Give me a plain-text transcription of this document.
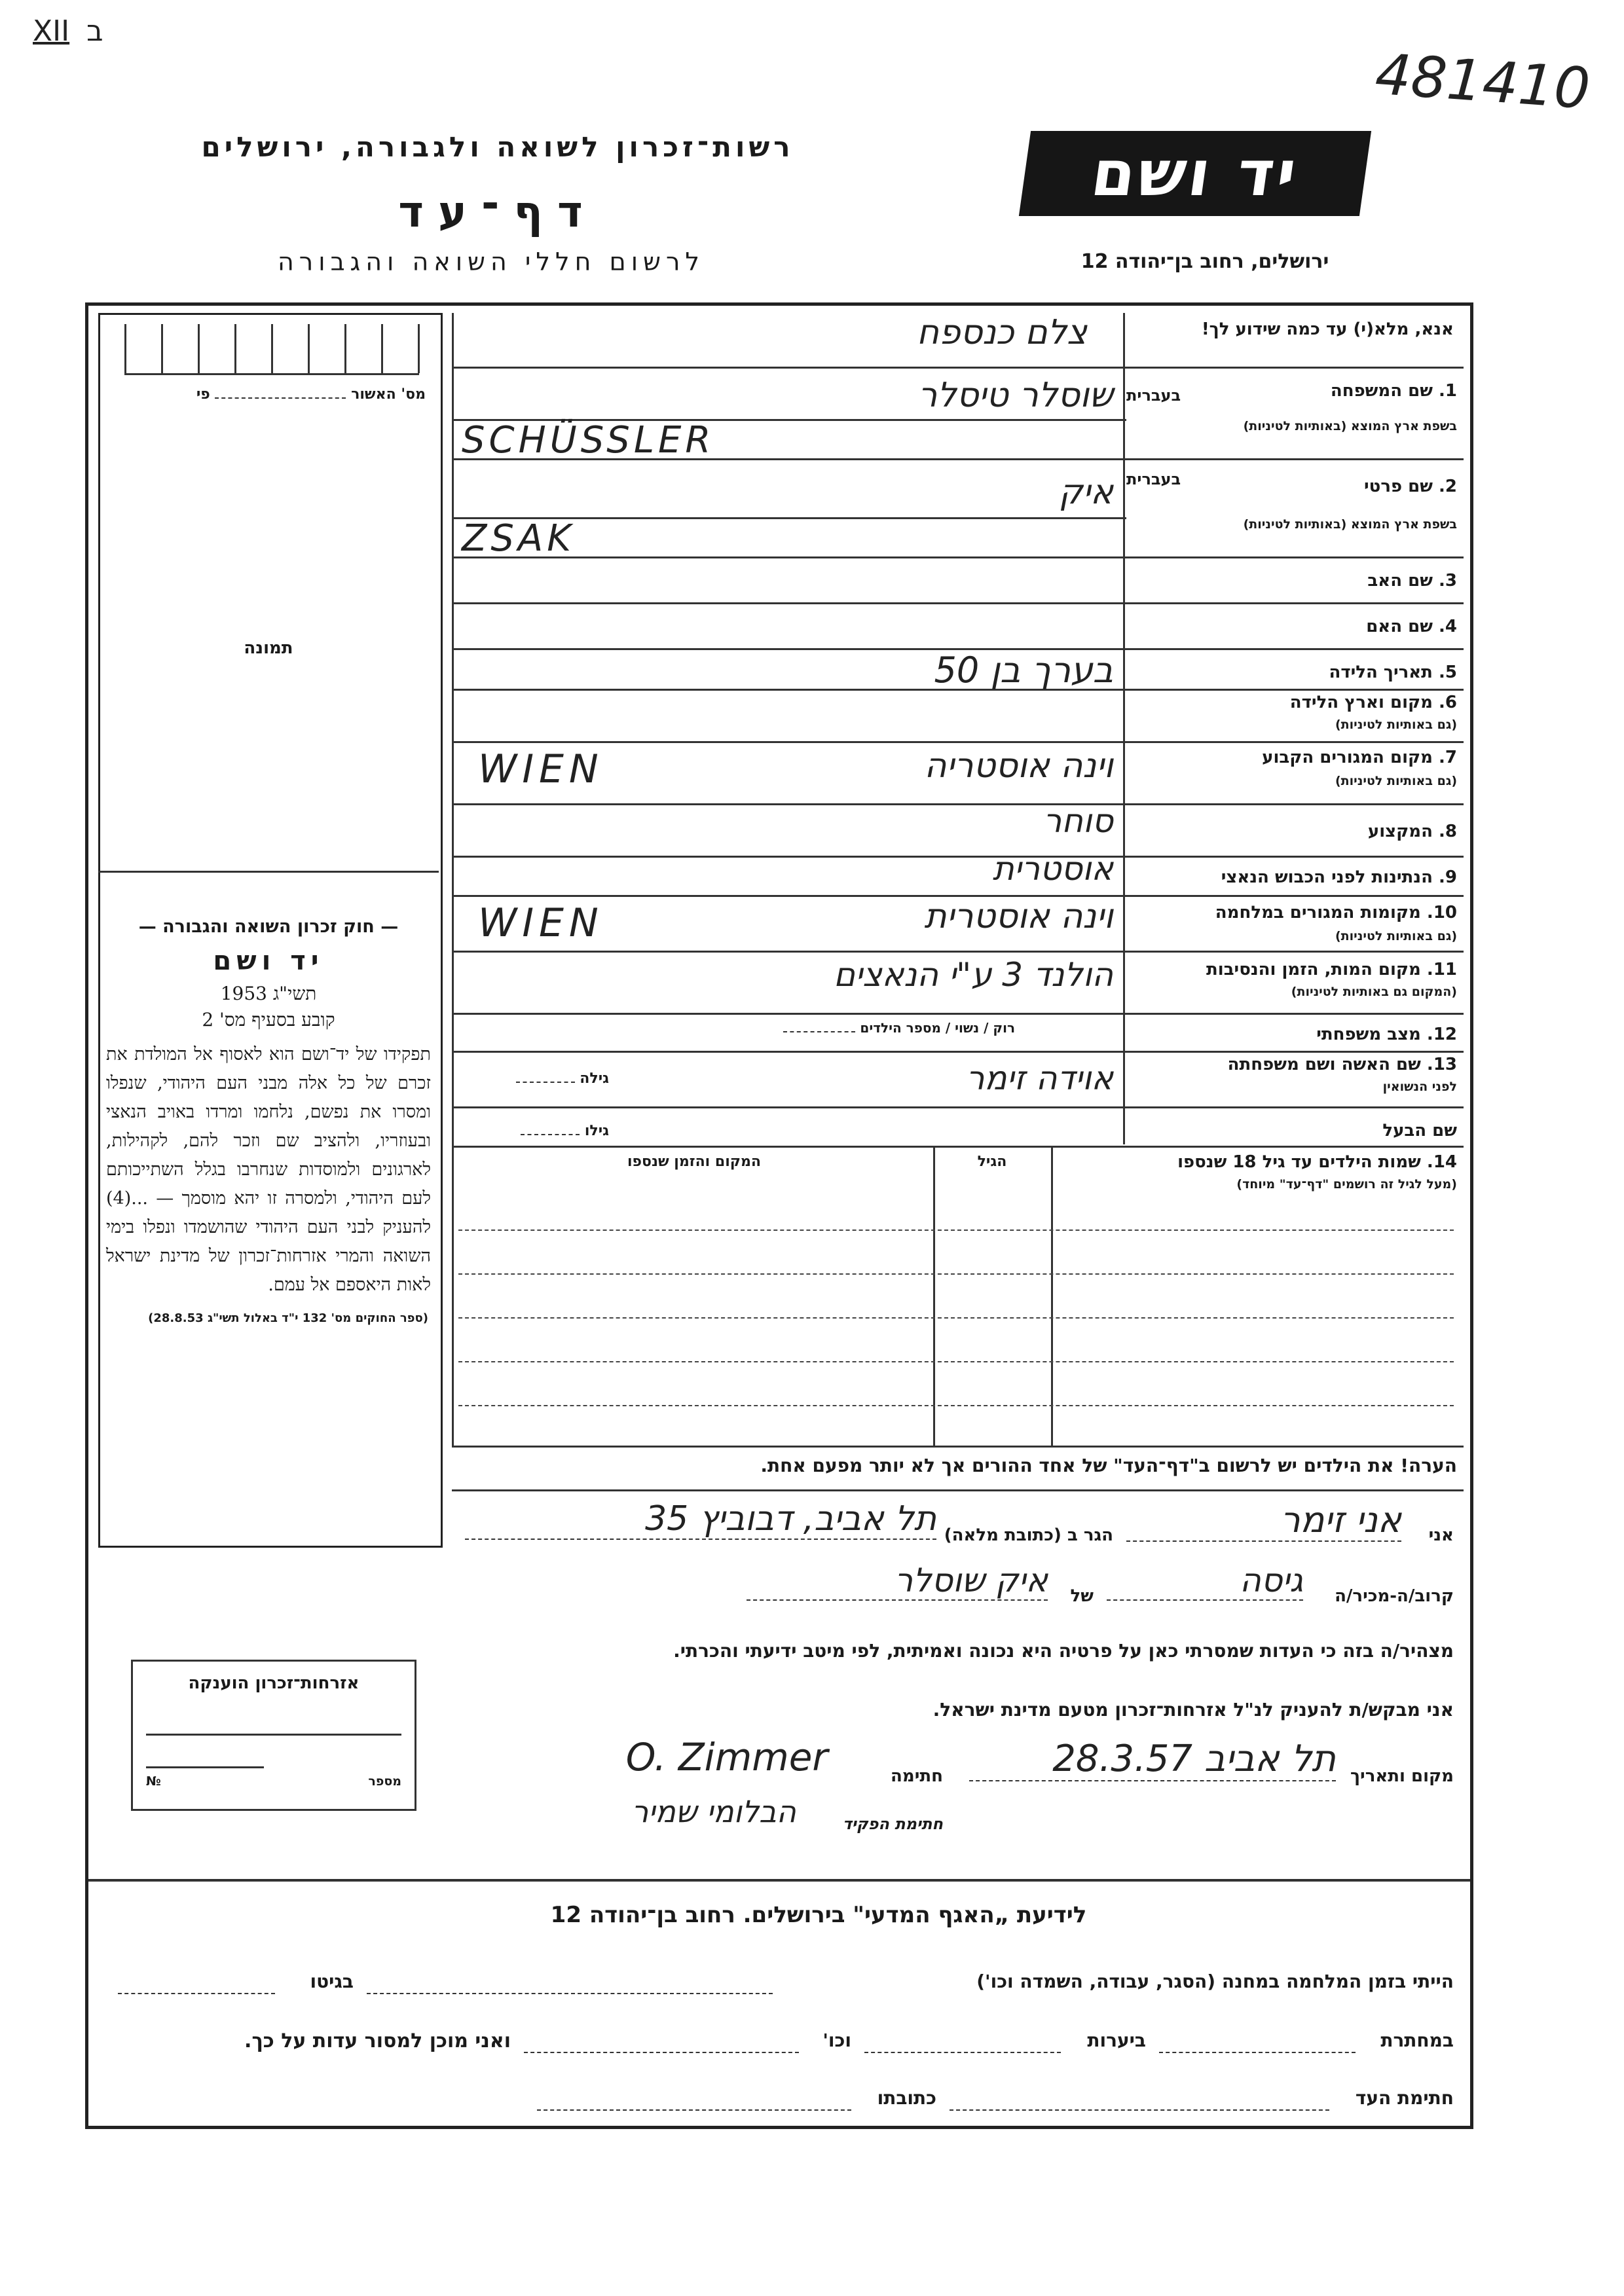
XII ב
481410
רשות־זכרון לשואה ולגבורה, ירושלים
דף־עד
לרשום חללי השואה והגבורה
יד ושם
ירושלים, רחוב בן־יהודה 12
מס' האשור  פי
תמונה
— חוק זכרון השואה והגבורה —
יד ושם
תשי"ג 1953
קובע בסעיף מס' 2
תפקידו של יד־ושם הוא לאסוף אל המולדת את זכרם של כל אלה מבני העם היהודי, שנפלו ומסרו את נפשם, נלחמו ומרדו באויב הנאצי ובעוזריו, ולהציב שם וזכר להם, לקהילות, לארגונים ולמוסדות שנחרבו בגלל השתייכותם לעם היהודי, ולמסרה זו יהא מוסמך — ...(4) להעניק לבני העם היהודי שהושמדו ונפלו בימי השואה והמרי אזרחות־זכרון של מדינת ישראל לאות היאספם אל עמם.
(ספר החוקים מס' 132 י"ד באלול תשי"ג 28.8.53)
אזרחות־זכרון הוענקה
מספר
№
אנא, מלא(י) עד כמה שידוע לך!
צלם כנספח
1. שם המשפחה
בעברית
בשפת ארץ המוצא (באותיות לטיניות)
2. שם פרטי
בעברית
בשפת ארץ המוצא (באותיות לטיניות)
3. שם האב
4. שם האם
5. תאריך הלידה
6. מקום וארץ הלידה
(גם באותיות לטיניות)
7. מקום המגורים הקבוע
(גם באותיות לטיניות)
8. המקצוע
9. הנתינות לפני הכבוש הנאצי
10. מקומות המגורים במלחמה
(גם באותיות לטיניות)
11. מקום המות, הזמן והנסיבות
(המקום גם באותיות לטיניות)
12. מצב משפחתי
13. שם האשה ושם משפחתה
לפני הנשואין
שם הבעל
שוסלר טיסלר
SCHÜSSLER
איק
ZSAK
בערך בן 50
וינה אוסטריה
WIEN
סוחר
אוסטרית
וינה אוסטרית
WIEN
הולנד 3 ע"י הנאצים
רוק / נשוי / מספר הילדים
אוידה זימר
גילה
גילו
14. שמות הילדים עד גיל 18 שנספו
(מעל לגיל זה רושמים "דף־עד" מיוחד)
הגיל
המקום והזמן שנספו
הערה! את הילדים יש לרשום ב"דף־העד" של אחד ההורים אך לא יותר מפעם אחת.
אני
אני זימר
הגר ב (כתובת מלאה)
תל אביב, דבוביץ 35
קרוב/ה-מכיר/ה
גיסה
של
איק שוסלר
מצהיר/ה בזה כי העדות שמסרתי כאן על פרטיה היא נכונה ואמיתית, לפי מיטב ידיעתי והכרתי.
אני מבקש/ת להעניק לנ"ל אזרחות־זכרון מטעם מדינת ישראל.
מקום ותאריך
תל אביב 28.3.57
חתימה
O. Zimmer
חתימת הפקיד
הבלומי שמיר
לידיעת „האגף המדעי" בירושלים. רחוב בן־יהודה 12
הייתי בזמן המלחמה במחנה (הסגר, עבודה, השמדה וכו')
בגיטו
במחתרת
ביערות
וכו'
ואני מוכן למסור עדות על כך.
חתימת העד
כתובתו
